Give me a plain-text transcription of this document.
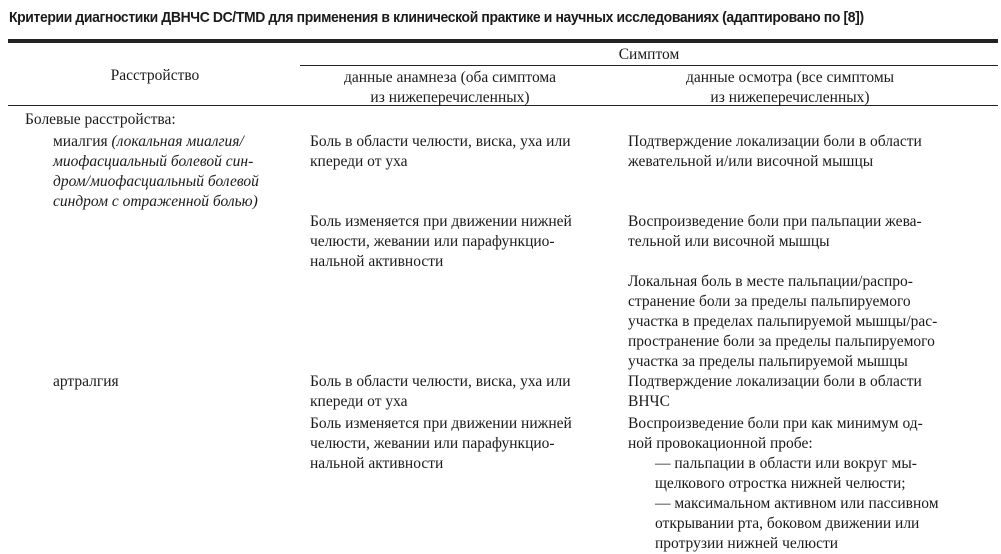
Критерии диагностики ДВНЧС DC/TMD для применения в клинической практике и научных исследованиях (адаптировано по [8])
Симптом
Расстройство	данные анамнеза (оба симптома
из нижеперечисленных)
данные осмотра (все симптомы
из нижеперечисленных)
Болевые расстройства:
миалгия (локальная миалгия/
миофасциальный болевой син-
дром/миофасциальный болевой
синдром с отраженной болью)
Боль в области челюсти, виска, уха или
кпереди от уха
Боль изменяется при движении нижней
челюсти, жевании или парафункцио-
нальной активности
Подтверждение локализации боли в области
жевательной и/или височной мышцы
Воспроизведение боли при пальпации жева-
тельной или височной мышцы
Локальная боль в месте пальпации/распро-
странение боли за пределы пальпируемого
участка в пределах пальпируемой мышцы/рас-
пространение боли за пределы пальпируемого
участка за пределы пальпируемой мышцы
артралгия	Боль в области челюсти, виска, уха или
кпереди от уха
Боль изменяется при движении нижней
челюсти, жевании или парафункцио-
нальной активности
Подтверждение локализации боли в области
ВНЧС
Воспроизведение боли при как минимум од-
ной провокационной пробе:
— пальпации в области или вокруг мы-
щелкового отростка нижней челюсти;
— максимальном активном или пассивном
открывании рта, боковом движении или
протрузии нижней челюсти
